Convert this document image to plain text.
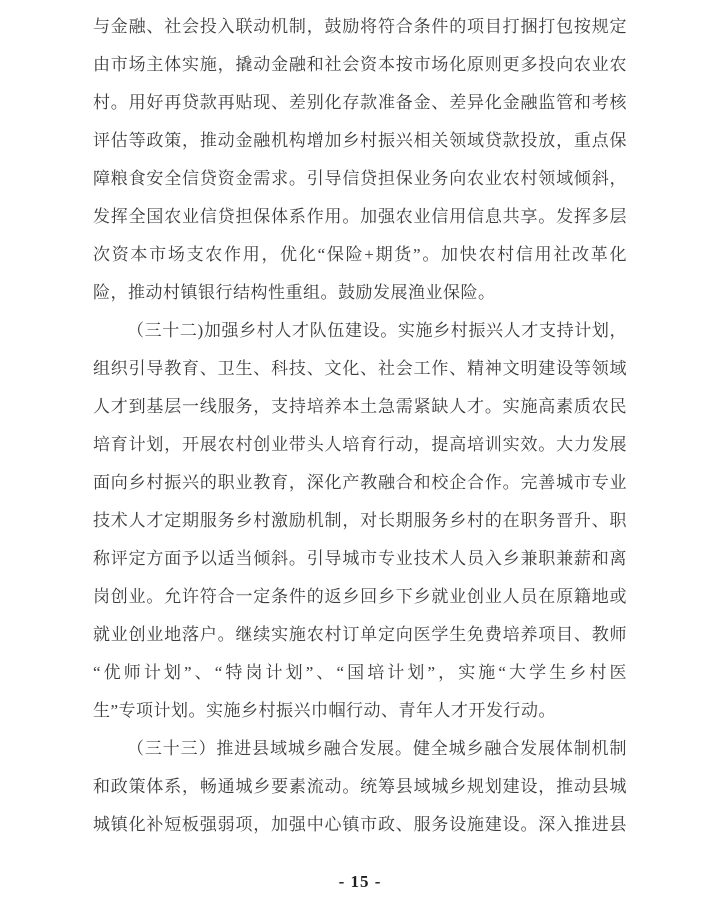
与金融、社会投入联动机制，鼓励将符合条件的项目打捆打包按规定
由市场主体实施，撬动金融和社会资本按市场化原则更多投向农业农
村。用好再贷款再贴现、差别化存款准备金、差异化金融监管和考核
评估等政策，推动金融机构增加乡村振兴相关领域贷款投放，重点保
障粮食安全信贷资金需求。引导信贷担保业务向农业农村领域倾斜，
发挥全国农业信贷担保体系作用。加强农业信用信息共享。发挥多层
次资本市场支农作用，优化“保险+期货”。加快农村信用社改革化
险，推动村镇银行结构性重组。鼓励发展渔业保险。
（三十二)加强乡村人才队伍建设。实施乡村振兴人才支持计划，
组织引导教育、卫生、科技、文化、社会工作、精神文明建设等领域
人才到基层一线服务，支持培养本土急需紧缺人才。实施高素质农民
培育计划，开展农村创业带头人培育行动，提高培训实效。大力发展
面向乡村振兴的职业教育，深化产教融合和校企合作。完善城市专业
技术人才定期服务乡村激励机制，对长期服务乡村的在职务晋升、职
称评定方面予以适当倾斜。引导城市专业技术人员入乡兼职兼薪和离
岗创业。允许符合一定条件的返乡回乡下乡就业创业人员在原籍地或
就业创业地落户。继续实施农村订单定向医学生免费培养项目、教师
“优师计划”、“特岗计划”、“国培计划”，实施“大学生乡村医
生”专项计划。实施乡村振兴巾帼行动、青年人才开发行动。
（三十三）推进县域城乡融合发展。健全城乡融合发展体制机制
和政策体系，畅通城乡要素流动。统筹县域城乡规划建设，推动县城
城镇化补短板强弱项，加强中心镇市政、服务设施建设。深入推进县
- 15 -
